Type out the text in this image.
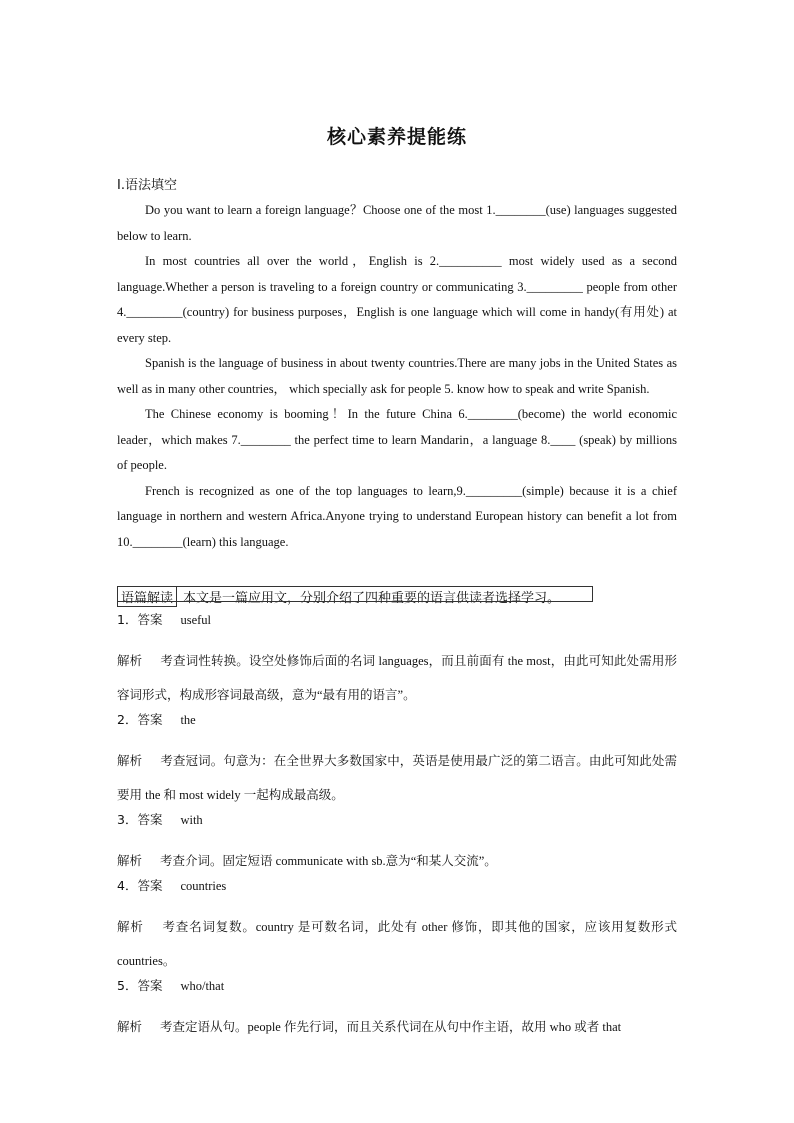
核心素养提能练
Ⅰ.语法填空

Do you want to learn a foreign language？Choose one of the most 1.________(use) languages suggested below to learn.

In most countries all over the world，English is 2.__________ most widely used as a second language.Whether a person is traveling to a foreign country or communicating 3._________ people from other 4._________(country) for business purposes，English is one language which will come in handy(有用处) at every step.

Spanish is the language of business in about twenty countries.There are many jobs in the United States as well as in many other countries， which specially ask for people 5. know how to speak and write Spanish.

The Chinese economy is booming！In the future China 6.________(become) the world economic leader，which makes 7.________ the perfect time to learn Mandarin，a language 8.____ (speak) by millions of people.

French is recognized as one of the top languages to learn,9._________(simple) because it is a chief language in northern and western Africa.Anyone trying to understand European history can benefit a lot from 10.________(learn) this language.

语篇解读 本文是一篇应用文，分别介绍了四种重要的语言供读者选择学习。
1．答案 useful
解析 考查词性转换。设空处修饰后面的名词 languages，而且前面有 the most，由此可知此处需用形容词形式，构成形容词最高级，意为“最有用的语言”。
2．答案 the
解析 考查冠词。句意为：在全世界大多数国家中，英语是使用最广泛的第二语言。由此可知此处需要用 the 和 most widely 一起构成最高级。
3．答案 with
解析 考查介词。固定短语 communicate with sb.意为“和某人交流”。
4．答案 countries
解析 考查名词复数。country 是可数名词，此处有 other 修饰，即其他的国家，应该用复数形式 countries。
5．答案 who/that
解析 考查定语从句。people 作先行词，而且关系代词在从句中作主语，故用 who 或者 that
